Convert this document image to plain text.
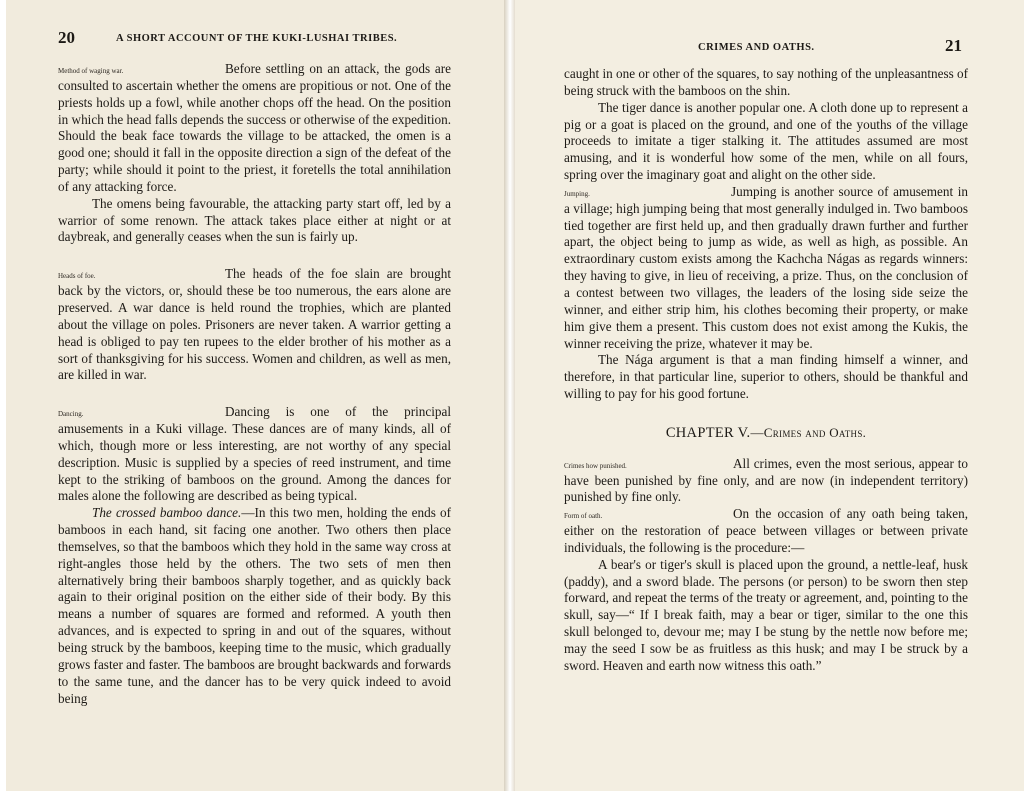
20	A SHORT ACCOUNT OF THE KUKI-LUSHAI TRIBES.

Method of waging war.	Before settling on an attack, the gods are consulted to ascertain whether the omens are propitious or not. One of the priests holds up a fowl, while another chops off the head. On the position in which the head falls depends the success or otherwise of the expedition. Should the beak face towards the village to be attacked, the omen is a good one; should it fall in the opposite direction a sign of the defeat of the party; while should it point to the priest, it foretells the total annihilation of any attacking force.

The omens being favourable, the attacking party start off, led by a warrior of some renown. The attack takes place either at night or at daybreak, and generally ceases when the sun is fairly up.

Heads of foe.	The heads of the foe slain are brought back by the victors, or, should these be too numerous, the ears alone are preserved. A war dance is held round the trophies, which are planted about the village on poles. Prisoners are never taken. A warrior getting a head is obliged to pay ten rupees to the elder brother of his mother as a sort of thanksgiving for his success. Women and children, as well as men, are killed in war.

Dancing.	Dancing is one of the principal amusements in a Kuki village. These dances are of many kinds, all of which, though more or less interesting, are not worthy of any special description. Music is supplied by a species of reed instrument, and time kept to the striking of bamboos on the ground. Among the dances for males alone the following are described as being typical.

The crossed bamboo dance.—In this two men, holding the ends of bamboos in each hand, sit facing one another. Two others then place themselves, so that the bamboos which they hold in the same way cross at right-angles those held by the others. The two sets of men then alternatively bring their bamboos sharply together, and as quickly back again to their original position on the either side of their body. By this means a number of squares are formed and reformed. A youth then advances, and is expected to spring in and out of the squares, without being struck by the bamboos, keeping time to the music, which gradually grows faster and faster. The bamboos are brought backwards and forwards to the same tune, and the dancer has to be very quick indeed to avoid being

CRIMES AND OATHS.	21

caught in one or other of the squares, to say nothing of the unpleasantness of being struck with the bamboos on the shin.

The tiger dance is another popular one. A cloth done up to represent a pig or a goat is placed on the ground, and one of the youths of the village proceeds to imitate a tiger stalking it. The attitudes assumed are most amusing, and it is wonderful how some of the men, while on all fours, spring over the imaginary goat and alight on the other side.

Jumping.	Jumping is another source of amusement in a village; high jumping being that most generally indulged in. Two bamboos tied together are first held up, and then gradually drawn further and further apart, the object being to jump as wide, as well as high, as possible. An extraordinary custom exists among the Kachcha Nágas as regards winners: they having to give, in lieu of receiving, a prize. Thus, on the conclusion of a contest between two villages, the leaders of the losing side seize the winner, and either strip him, his clothes becoming their property, or make him give them a present. This custom does not exist among the Kukis, the winner receiving the prize, whatever it may be.

The Nága argument is that a man finding himself a winner, and therefore, in that particular line, superior to others, should be thankful and willing to pay for his good fortune.

CHAPTER V.—Crimes and Oaths.

Crimes how punished.	All crimes, even the most serious, appear to have been punished by fine only, and are now (in independent territory) punished by fine only.

Form of oath.	On the occasion of any oath being taken, either on the restoration of peace between villages or between private individuals, the following is the procedure:—

A bear's or tiger's skull is placed upon the ground, a nettle-leaf, husk (paddy), and a sword blade. The persons (or person) to be sworn then step forward, and repeat the terms of the treaty or agreement, and, pointing to the skull, say—“ If I break faith, may a bear or tiger, similar to the one this skull belonged to, devour me; may I be stung by the nettle now before me; may the seed I sow be as fruitless as this husk; and may I be struck by a sword. Heaven and earth now witness this oath.”
